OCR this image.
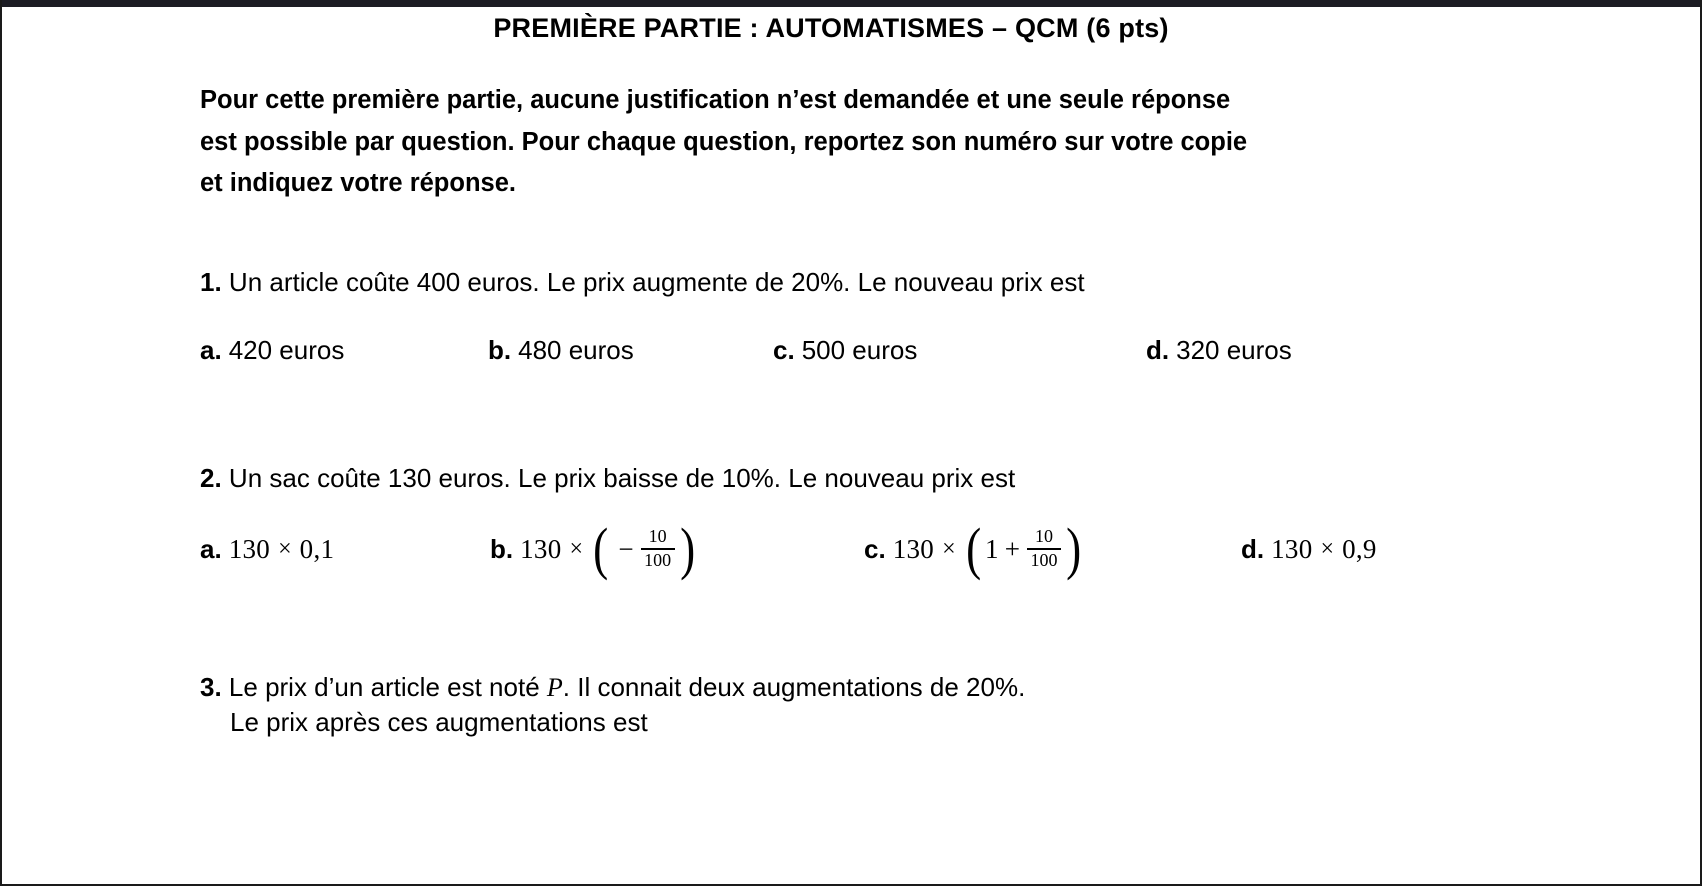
PREMIÈRE PARTIE : AUTOMATISMES – QCM (6 pts)
Pour cette première partie, aucune justification n’est demandée et une seule réponse
est possible par question. Pour chaque question, reportez son numéro sur votre copie
et indiquez votre réponse.
1. Un article coûte 400 euros. Le prix augmente de 20%. Le nouveau prix est
a. 420 euros	b. 480 euros	c. 500 euros	d. 320 euros
2. Un sac coûte 130 euros. Le prix baisse de 10%. Le nouveau prix est
a. 130 × 0,1	b. 130 × ( − $\frac{10}{100}$ )	c. 130 × ( $1 + \frac{10}{100}$ )	d. 130 × 0,9
3. Le prix d’un article est noté P. Il connait deux augmentations de 20%.
Le prix après ces augmentations est
